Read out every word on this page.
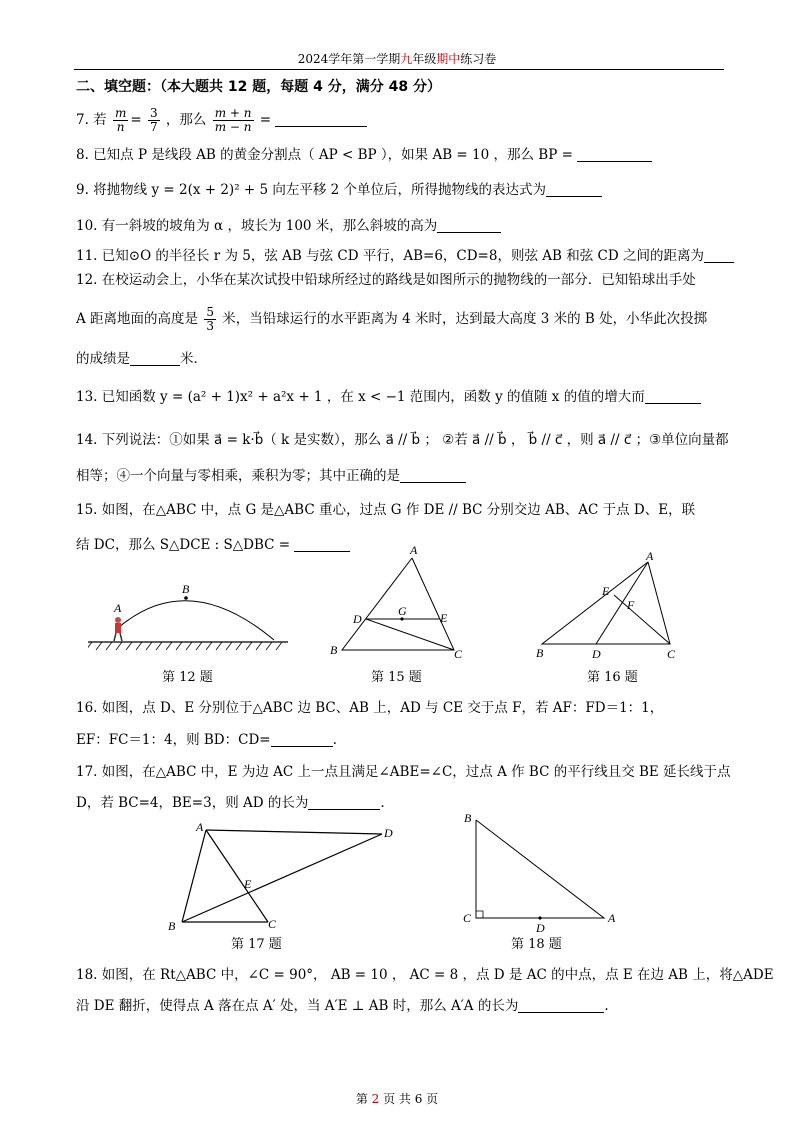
2024学年第一学期九年级期中练习卷
二、填空题：（本大题共 12 题，每题 4 分，满分 48 分）
7. 若 $\frac{m}{n} = \frac{3}{7}$ ，那么 $\frac{m + n}{m - n}$ =
8. 已知点 P 是线段 AB 的黄金分割点（ AP < BP ），如果 AB = 10 ，那么 BP =
9. 将抛物线 y = 2(x + 2)² + 5 向左平移 2 个单位后，所得抛物线的表达式为
10. 有一斜坡的坡角为 α ，坡长为 100 米，那么斜坡的高为
11. 已知⊙O 的半径长 r 为 5，弦 AB 与弦 CD 平行，AB=6，CD=8，则弦 AB 和弦 CD 之间的距离为
12. 在校运动会上，小华在某次试投中铅球所经过的路线是如图所示的抛物线的一部分．已知铅球出手处
A 距离地面的高度是 $\frac{5}{3}$ 米，当铅球运行的水平距离为 4 米时，达到最大高度 3 米的 B 处，小华此次投掷
的成绩是	米．
13. 已知函数 y = (a² + 1)x² + a²x + 1 ，在 x < −1 范围内，函数 y 的值随 x 的值的增大而
14. 下列说法：①如果 a⃗ = k·b⃗（ k 是实数），那么 a⃗ // b⃗ ； ②若 a⃗ // b⃗ ， b⃗ // c⃗ ，则 a⃗ // c⃗ ；③单位向量都
相等；④一个向量与零相乘，乘积为零；其中正确的是
15. 如图，在△ABC 中，点 G 是△ABC 重心，过点 G 作 DE // BC 分别交边 AB、AC 于点 D、E，联
结 DC，那么 S△DCE : S△DBC =
A
B
第 12 题
A
D
G	E
B	C
第 15 题
A
E
F
B	D	C
第 16 题
16. 如图，点 D、E 分别位于△ABC 边 BC、AB 上，AD 与 CE 交于点 F，若 AF：FD＝1：1，
EF：FC＝1：4，则 BD：CD=	.
17. 如图，在△ABC 中，E 为边 AC 上一点且满足∠ABE=∠C，过点 A 作 BC 的平行线且交 BE 延长线于点
D，若 BC=4，BE=3，则 AD 的长为	.
A	D
E
B	C
第 17 题
B
C
D
A
第 18 题
18. 如图，在 Rt△ABC 中，∠C = 90°， AB = 10 ， AC = 8 ，点 D 是 AC 的中点，点 E 在边 AB 上，将△ADE
沿 DE 翻折，使得点 A 落在点 A′ 处，当 A′E ⊥ AB 时，那么 A′A 的长为	.
第 2 页 共 6 页
